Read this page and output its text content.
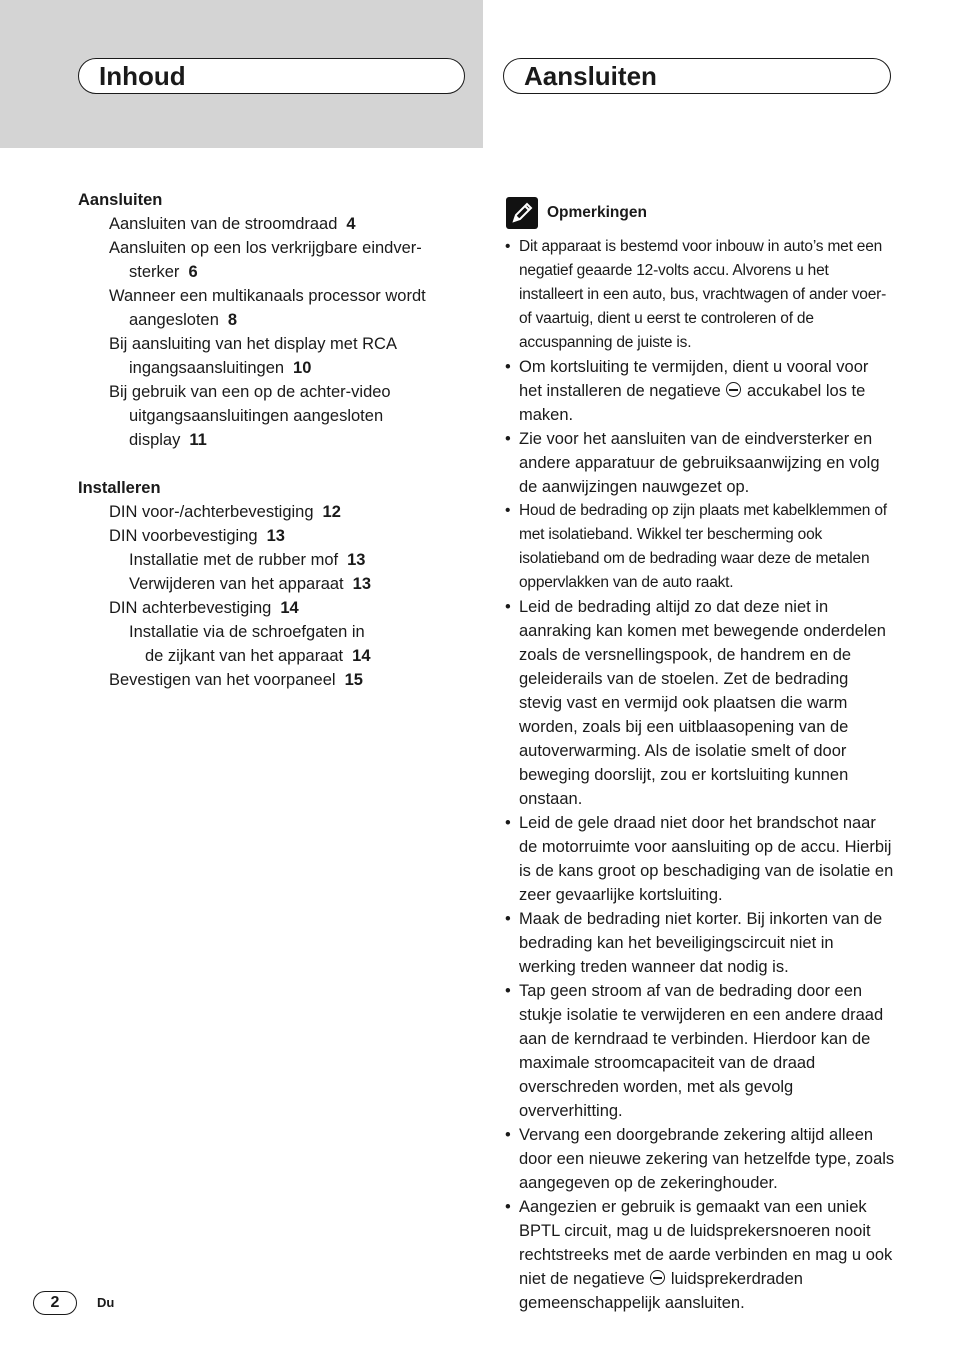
Inhoud	Aansluiten
Aansluiten
Aansluiten van de stroomdraad 4
Aansluiten op een los verkrijgbare eindver-
sterker 6
Wanneer een multikanaals processor wordt
aangesloten 8
Bij aansluiting van het display met RCA
ingangsaansluitingen 10
Bij gebruik van een op de achter-video
uitgangsaansluitingen aangesloten
display 11
Installeren
DIN voor-/achterbevestiging 12
DIN voorbevestiging 13
Installatie met de rubber mof 13
Verwijderen van het apparaat 13
DIN achterbevestiging 14
Installatie via de schroefgaten in
de zijkant van het apparaat 14
Bevestigen van het voorpaneel 15
Opmerkingen
• Dit apparaat is bestemd voor inbouw in auto’s met een negatief geaarde 12-volts accu. Alvorens u het installeert in een auto, bus, vrachtwagen of ander voer- of vaartuig, dient u eerst te controleren of de accuspanning de juiste is.
• Om kortsluiting te vermijden, dient u vooral voor het installeren de negatieve accukabel los te maken.
• Zie voor het aansluiten van de eindversterker en andere apparatuur de gebruiksaanwijzing en volg de aanwijzingen nauwgezet op.
• Houd de bedrading op zijn plaats met kabelklemmen of met isolatieband. Wikkel ter bescherming ook isolatieband om de bedrading waar deze de metalen oppervlakken van de auto raakt.
• Leid de bedrading altijd zo dat deze niet in aanraking kan komen met bewegende onderdelen zoals de versnellingspook, de handrem en de geleiderails van de stoelen. Zet de bedrading stevig vast en vermijd ook plaatsen die warm worden, zoals bij een uitblaasopening van de autoverwarming. Als de isolatie smelt of door beweging doorslijt, zou er kortsluiting kunnen onstaan.
• Leid de gele draad niet door het brandschot naar de motorruimte voor aansluiting op de accu. Hierbij is de kans groot op beschadiging van de isolatie en zeer gevaarlijke kortsluiting.
• Maak de bedrading niet korter. Bij inkorten van de bedrading kan het beveiligingscircuit niet in werking treden wanneer dat nodig is.
• Tap geen stroom af van de bedrading door een stukje isolatie te verwijderen en een andere draad aan de kerndraad te verbinden. Hierdoor kan de maximale stroomcapaciteit van de draad overschreden worden, met als gevolg oververhitting.
• Vervang een doorgebrande zekering altijd alleen door een nieuwe zekering van hetzelfde type, zoals aangegeven op de zekeringhouder.
• Aangezien er gebruik is gemaakt van een uniek BPTL circuit, mag u de luidsprekersnoeren nooit rechtstreeks met de aarde verbinden en mag u ook niet de negatieve luidsprekerdraden gemeenschappelijk aansluiten.
2	Du
